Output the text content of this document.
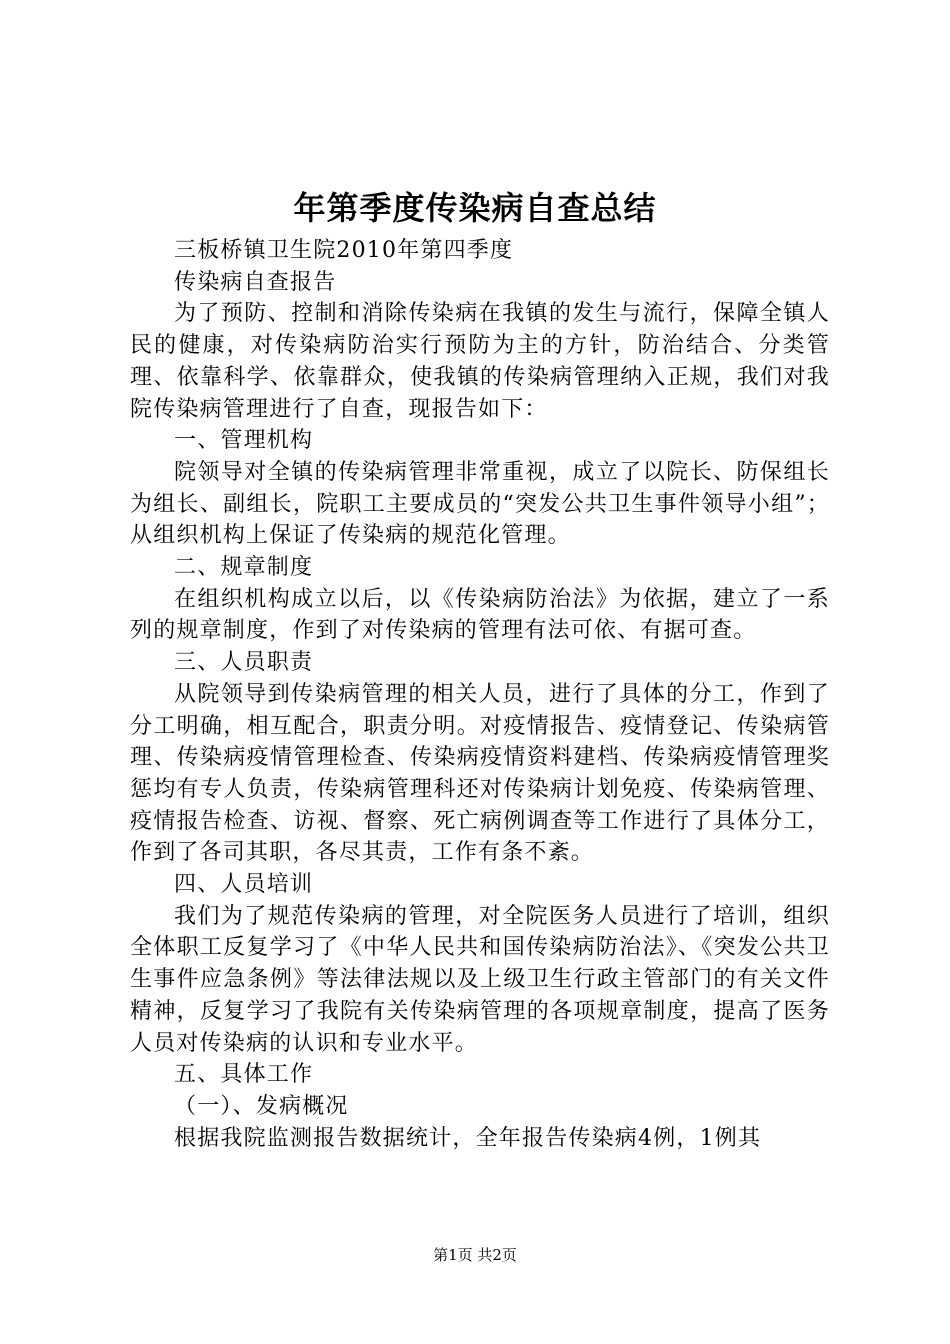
年第季度传染病自查总结

三板桥镇卫生院2010年第四季度

传染病自查报告

为了预防、控制和消除传染病在我镇的发生与流行，保障全镇人民的健康，对传染病防治实行预防为主的方针，防治结合、分类管理、依靠科学、依靠群众，使我镇的传染病管理纳入正规，我们对我院传染病管理进行了自查，现报告如下：

一、管理机构

院领导对全镇的传染病管理非常重视，成立了以院长、防保组长为组长、副组长，院职工主要成员的“突发公共卫生事件领导小组”；从组织机构上保证了传染病的规范化管理。

二、规章制度

在组织机构成立以后，以《传染病防治法》为依据，建立了一系列的规章制度，作到了对传染病的管理有法可依、有据可查。

三、人员职责

从院领导到传染病管理的相关人员，进行了具体的分工，作到了分工明确，相互配合，职责分明。对疫情报告、疫情登记、传染病管理、传染病疫情管理检查、传染病疫情资料建档、传染病疫情管理奖惩均有专人负责，传染病管理科还对传染病计划免疫、传染病管理、疫情报告检查、访视、督察、死亡病例调查等工作进行了具体分工，作到了各司其职，各尽其责，工作有条不紊。

四、人员培训

我们为了规范传染病的管理，对全院医务人员进行了培训，组织全体职工反复学习了《中华人民共和国传染病防治法》、《突发公共卫生事件应急条例》等法律法规以及上级卫生行政主管部门的有关文件精神，反复学习了我院有关传染病管理的各项规章制度，提高了医务人员对传染病的认识和专业水平。

五、具体工作

（一）、发病概况

根据我院监测报告数据统计，全年报告传染病4例，1例其

第1页 共2页
